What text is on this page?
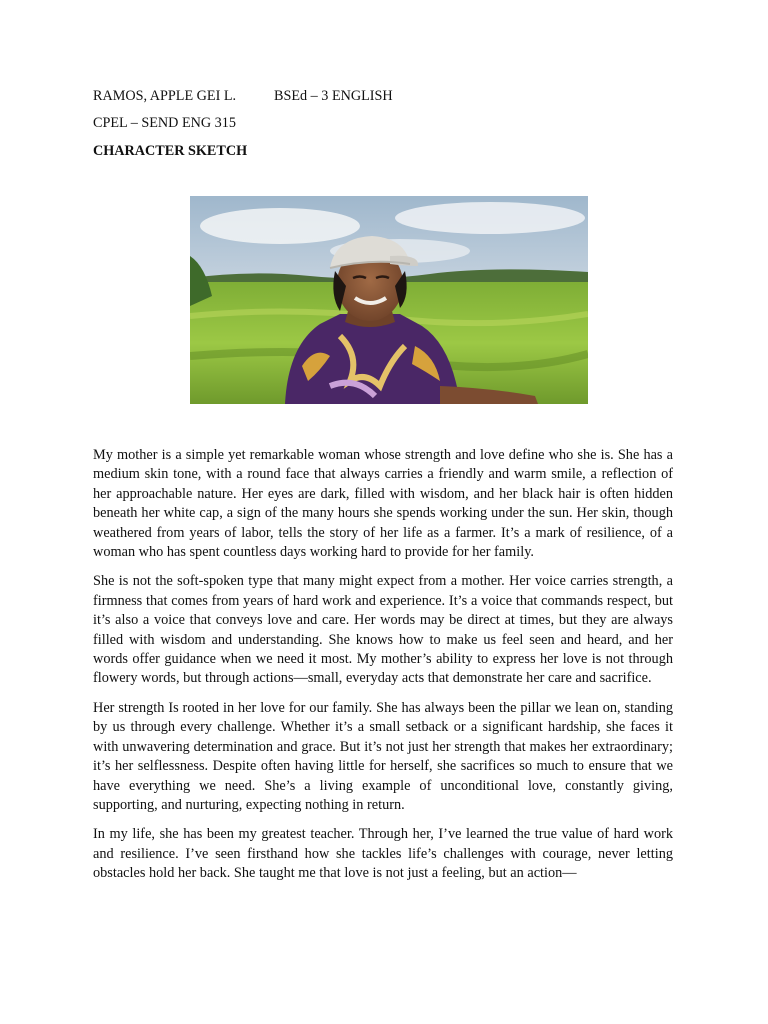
RAMOS, APPLE GEI L.	BSEd – 3 ENGLISH
CPEL – SEND ENG 315
CHARACTER SKETCH

My mother is a simple yet remarkable woman whose strength and love define who she is. She has a medium skin tone, with a round face that always carries a friendly and warm smile, a reflection of her approachable nature. Her eyes are dark, filled with wisdom, and her black hair is often hidden beneath her white cap, a sign of the many hours she spends working under the sun. Her skin, though weathered from years of labor, tells the story of her life as a farmer. It’s a mark of resilience, of a woman who has spent countless days working hard to provide for her family.

She is not the soft-spoken type that many might expect from a mother. Her voice carries strength, a firmness that comes from years of hard work and experience. It’s a voice that commands respect, but it’s also a voice that conveys love and care. Her words may be direct at times, but they are always filled with wisdom and understanding. She knows how to make us feel seen and heard, and her words offer guidance when we need it most. My mother’s ability to express her love is not through flowery words, but through actions—small, everyday acts that demonstrate her care and sacrifice.

Her strength Is rooted in her love for our family. She has always been the pillar we lean on, standing by us through every challenge. Whether it’s a small setback or a significant hardship, she faces it with unwavering determination and grace. But it’s not just her strength that makes her extraordinary; it’s her selflessness. Despite often having little for herself, she sacrifices so much to ensure that we have everything we need. She’s a living example of unconditional love, constantly giving, supporting, and nurturing, expecting nothing in return.

In my life, she has been my greatest teacher. Through her, I’ve learned the true value of hard work and resilience. I’ve seen firsthand how she tackles life’s challenges with courage, never letting obstacles hold her back. She taught me that love is not just a feeling, but an action—
